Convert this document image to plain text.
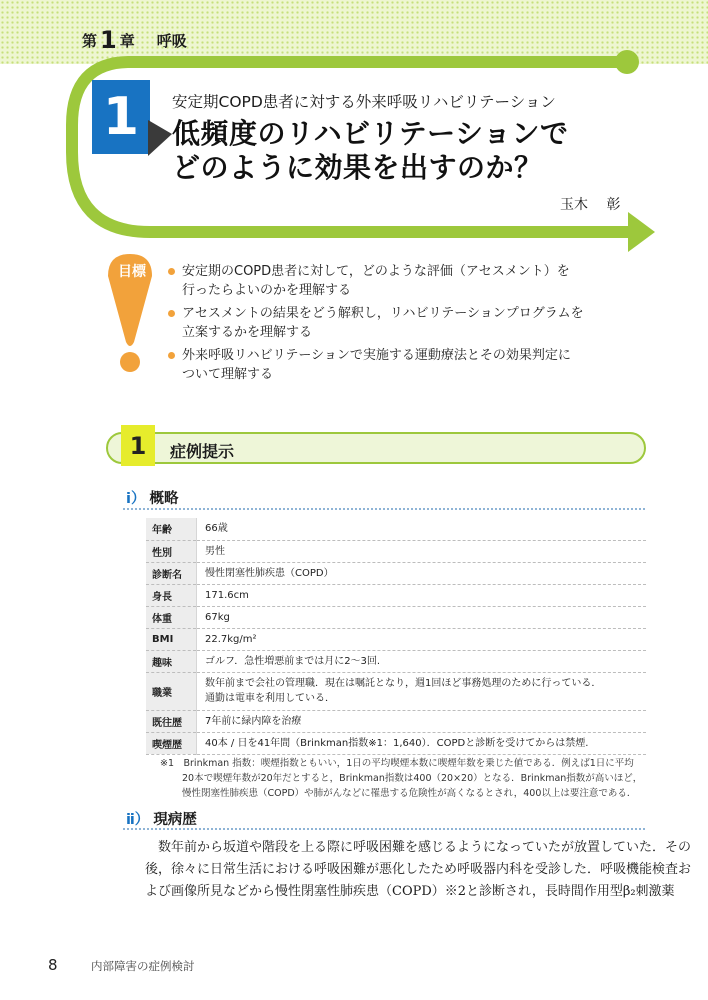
第 1 章 呼吸
1	安定期COPD患者に対する外来呼吸リハビリテーション
低頻度のリハビリテーションで
どのように効果を出すのか？
玉木 彰
目標	安定期のCOPD患者に対して，どのような評価（アセスメント）を
行ったらよいのかを理解する
アセスメントの結果をどう解釈し，リハビリテーションプログラムを
立案するかを理解する
外来呼吸リハビリテーションで実施する運動療法とその効果判定に
ついて理解する
1	症例提示
ⅰ） 概略
年齢	66歳

性別	男性

診断名	慢性閉塞性肺疾患（COPD）

身長	171.6cm

体重	67kg

BMI	22.7kg/m²

趣味	ゴルフ．急性増悪前までは月に2〜3回.

職業	数年前まで会社の管理職．現在は嘱託となり，週1回ほど事務処理のために行っている．
通勤は電車を利用している．

既往歴	7年前に緑内障を治療

喫煙歴	40本 / 日を41年間（Brinkman指数※1：1,640）．COPDと診断を受けてからは禁煙.
※1　Brinkman 指数：喫煙指数ともいい，1日の平均喫煙本数に喫煙年数を乗じた値である．例えば1日に平均
20本で喫煙年数が20年だとすると，Brinkman指数は400（20×20）となる．Brinkman指数が高いほど，
慢性閉塞性肺疾患（COPD）や肺がんなどに罹患する危険性が高くなるとされ，400以上は要注意である．
ⅱ） 現病歴
数年前から坂道や階段を上る際に呼吸困難を感じるようになっていたが放置していた．その
後，徐々に日常生活における呼吸困難が悪化したため呼吸器内科を受診した．呼吸機能検査お
よび画像所見などから慢性閉塞性肺疾患（COPD）※2と診断され，長時間作用型β₂刺激薬
8	内部障害の症例検討
